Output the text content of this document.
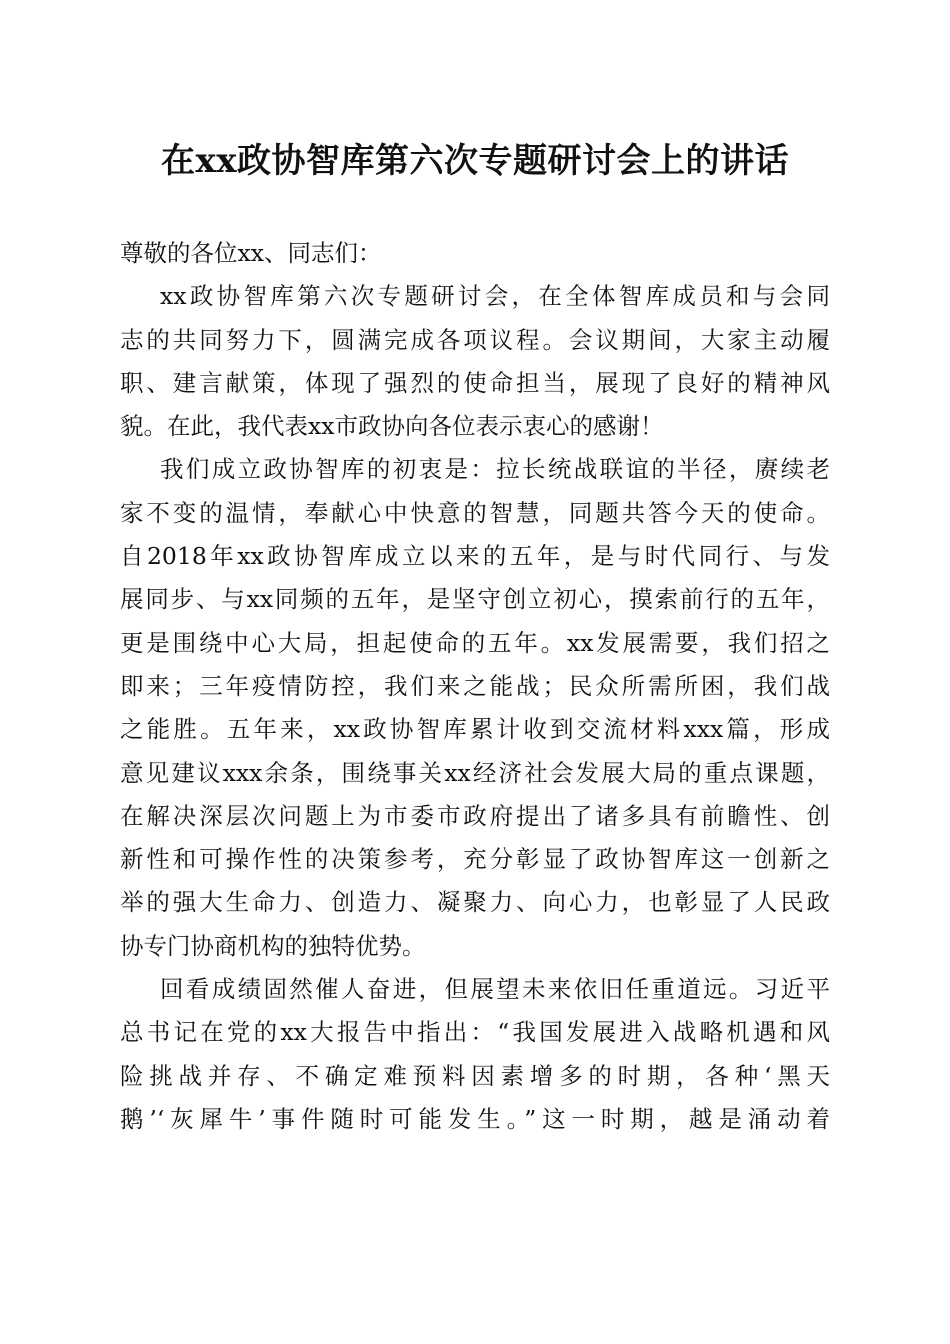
在xx政协智库第六次专题研讨会上的讲话

尊敬的各位xx、同志们：

xx政协智库第六次专题研讨会，在全体智库成员和与会同
志的共同努力下，圆满完成各项议程。会议期间，大家主动履
职、建言献策，体现了强烈的使命担当，展现了良好的精神风
貌。在此，我代表xx市政协向各位表示衷心的感谢！

我们成立政协智库的初衷是：拉长统战联谊的半径，赓续老
家不变的温情，奉献心中快意的智慧，同题共答今天的使命。
自2018年xx政协智库成立以来的五年，是与时代同行、与发
展同步、与xx同频的五年，是坚守创立初心，摸索前行的五年，
更是围绕中心大局，担起使命的五年。xx发展需要，我们招之
即来；三年疫情防控，我们来之能战；民众所需所困，我们战
之能胜。五年来，xx政协智库累计收到交流材料xxx篇，形成
意见建议xxx余条，围绕事关xx经济社会发展大局的重点课题，
在解决深层次问题上为市委市政府提出了诸多具有前瞻性、创
新性和可操作性的决策参考，充分彰显了政协智库这一创新之
举的强大生命力、创造力、凝聚力、向心力，也彰显了人民政
协专门协商机构的独特优势。

回看成绩固然催人奋进，但展望未来依旧任重道远。习近平
总书记在党的xx大报告中指出：“我国发展进入战略机遇和风
险挑战并存、不确定难预料因素增多的时期，各种‘黑天
鹅’‘灰犀牛’事件随时可能发生。”这一时期，越是涌动着
